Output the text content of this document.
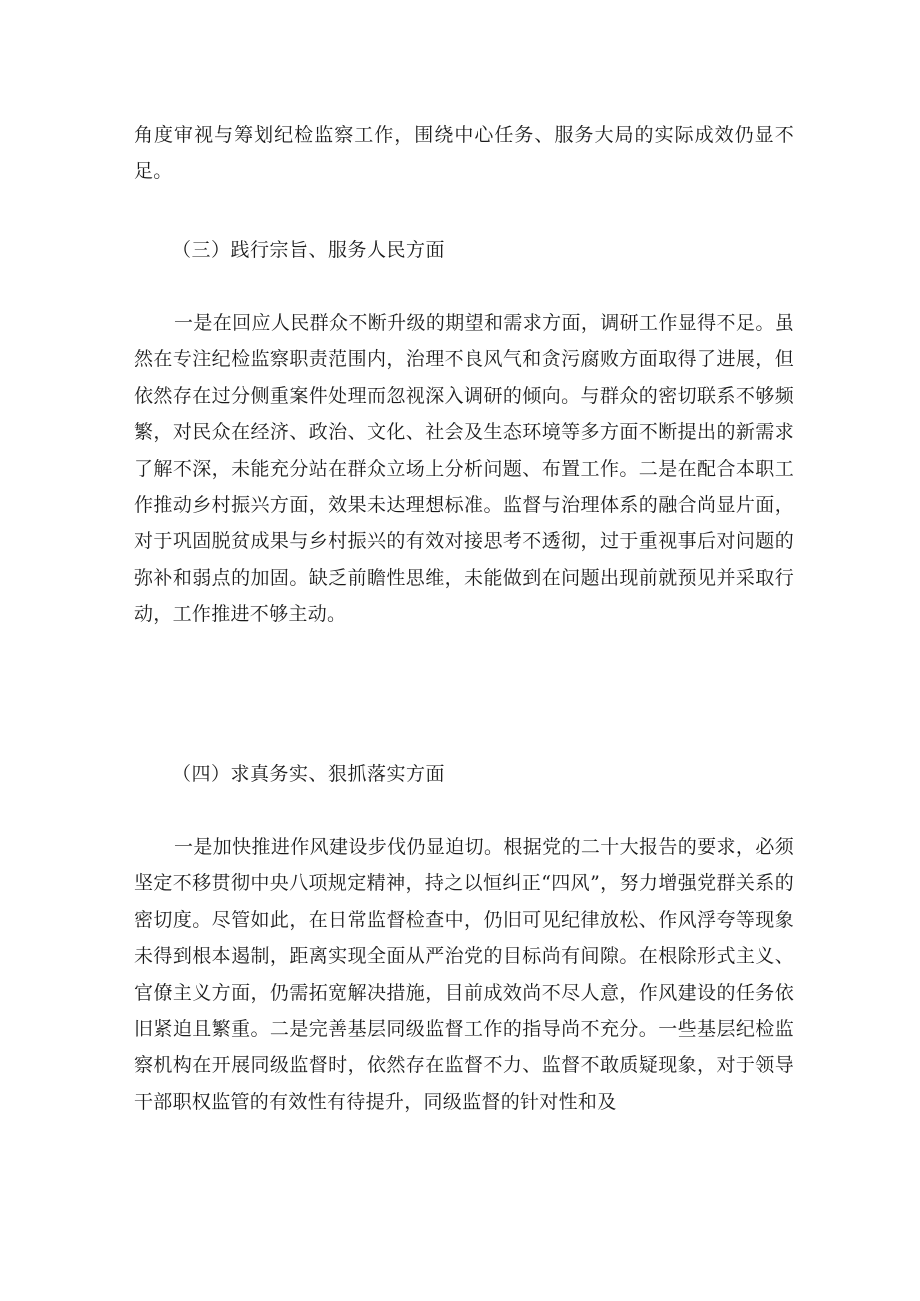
角度审视与筹划纪检监察工作，围绕中心任务、服务大局的实际成效仍显不足。
（三）践行宗旨、服务人民方面
一是在回应人民群众不断升级的期望和需求方面，调研工作显得不足。虽然在专注纪检监察职责范围内，治理不良风气和贪污腐败方面取得了进展，但依然存在过分侧重案件处理而忽视深入调研的倾向。与群众的密切联系不够频繁，对民众在经济、政治、文化、社会及生态环境等多方面不断提出的新需求了解不深，未能充分站在群众立场上分析问题、布置工作。二是在配合本职工作推动乡村振兴方面，效果未达理想标准。监督与治理体系的融合尚显片面，对于巩固脱贫成果与乡村振兴的有效对接思考不透彻，过于重视事后对问题的弥补和弱点的加固。缺乏前瞻性思维，未能做到在问题出现前就预见并采取行动，工作推进不够主动。
（四）求真务实、狠抓落实方面
一是加快推进作风建设步伐仍显迫切。根据党的二十大报告的要求，必须坚定不移贯彻中央八项规定精神，持之以恒纠正“四风”，努力增强党群关系的密切度。尽管如此，在日常监督检查中，仍旧可见纪律放松、作风浮夸等现象未得到根本遏制，距离实现全面从严治党的目标尚有间隙。在根除形式主义、官僚主义方面，仍需拓宽解决措施，目前成效尚不尽人意，作风建设的任务依旧紧迫且繁重。二是完善基层同级监督工作的指导尚不充分。一些基层纪检监察机构在开展同级监督时，依然存在监督不力、监督不敢质疑现象，对于领导干部职权监管的有效性有待提升，同级监督的针对性和及
